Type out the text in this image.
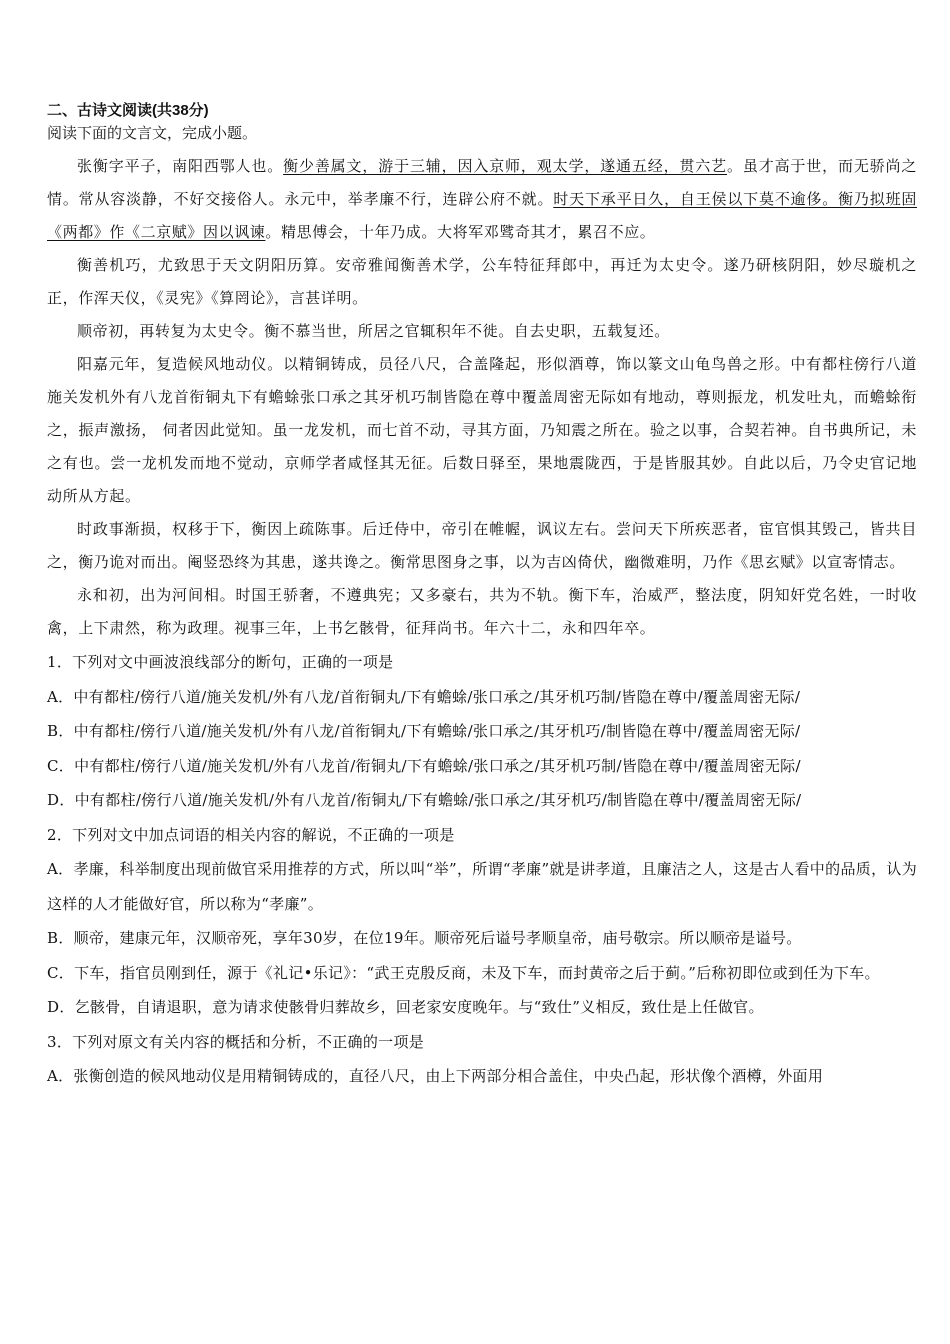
二、古诗文阅读(共38分)
阅读下面的文言文，完成小题。
张衡字平子，南阳西鄂人也。衡少善属文，游于三辅，因入京师，观太学，遂通五经，贯六艺。虽才高于世，而无骄尚之情。常从容淡静，不好交接俗人。永元中，举孝廉不行，连辟公府不就。时天下承平日久，自王侯以下莫不逾侈。衡乃拟班固《两都》作《二京赋》因以讽谏。精思傅会，十年乃成。大将军邓骘奇其才，累召不应。
衡善机巧，尤致思于天文阴阳历算。安帝雅闻衡善术学，公车特征拜郎中，再迁为太史令。遂乃研核阴阳，妙尽璇机之正，作浑天仪，《灵宪》《算罔论》，言甚详明。
顺帝初，再转复为太史令。衡不慕当世，所居之官辄积年不徙。自去史职，五载复还。
阳嘉元年，复造候风地动仪。以精铜铸成，员径八尺，合盖隆起，形似酒尊，饰以篆文山龟鸟兽之形。中有都柱傍行八道施关发机外有八龙首衔铜丸下有蟾蜍张口承之其牙机巧制皆隐在尊中覆盖周密无际如有地动，尊则振龙，机发吐丸，而蟾蜍衔之，振声激扬， 伺者因此觉知。虽一龙发机，而七首不动，寻其方面，乃知震之所在。验之以事，合契若神。自书典所记，未之有也。尝一龙机发而地不觉动，京师学者咸怪其无征。后数日驿至，果地震陇西，于是皆服其妙。自此以后，乃令史官记地动所从方起。
时政事渐损，权移于下，衡因上疏陈事。后迁侍中，帝引在帷幄，讽议左右。尝问天下所疾恶者，宦官惧其毁己，皆共目之，衡乃诡对而出。阉竖恐终为其患，遂共谗之。衡常思图身之事，以为吉凶倚伏，幽微难明，乃作《思玄赋》以宣寄情志。
永和初，出为河间相。时国王骄奢，不遵典宪；又多豪右，共为不轨。衡下车，治威严，整法度，阴知奸党名姓，一时收禽，上下肃然，称为政理。视事三年，上书乞骸骨，征拜尚书。年六十二，永和四年卒。
1．下列对文中画波浪线部分的断句，正确的一项是
A．中有都柱/傍行八道/施关发机/外有八龙/首衔铜丸/下有蟾蜍/张口承之/其牙机巧制/皆隐在尊中/覆盖周密无际/
B．中有都柱/傍行八道/施关发机/外有八龙/首衔铜丸/下有蟾蜍/张口承之/其牙机巧/制皆隐在尊中/覆盖周密无际/
C．中有都柱/傍行八道/施关发机/外有八龙首/衔铜丸/下有蟾蜍/张口承之/其牙机巧制/皆隐在尊中/覆盖周密无际/
D．中有都柱/傍行八道/施关发机/外有八龙首/衔铜丸/下有蟾蜍/张口承之/其牙机巧/制皆隐在尊中/覆盖周密无际/
2．下列对文中加点词语的相关内容的解说，不正确的一项是
A．孝廉，科举制度出现前做官采用推荐的方式，所以叫“举”，所谓“孝廉”就是讲孝道，且廉洁之人，这是古人看中的品质，认为这样的人才能做好官，所以称为“孝廉”。
B．顺帝，建康元年，汉顺帝死，享年30岁，在位19年。顺帝死后谥号孝顺皇帝，庙号敬宗。所以顺帝是谥号。
C．下车，指官员刚到任，源于《礼记•乐记》：“武王克殷反商，未及下车，而封黄帝之后于蓟。”后称初即位或到任为下车。
D．乞骸骨，自请退职，意为请求使骸骨归葬故乡，回老家安度晚年。与“致仕”义相反，致仕是上任做官。
3．下列对原文有关内容的概括和分析，不正确的一项是
A．张衡创造的候风地动仪是用精铜铸成的，直径八尺，由上下两部分相合盖住，中央凸起，形状像个酒樽，外面用
